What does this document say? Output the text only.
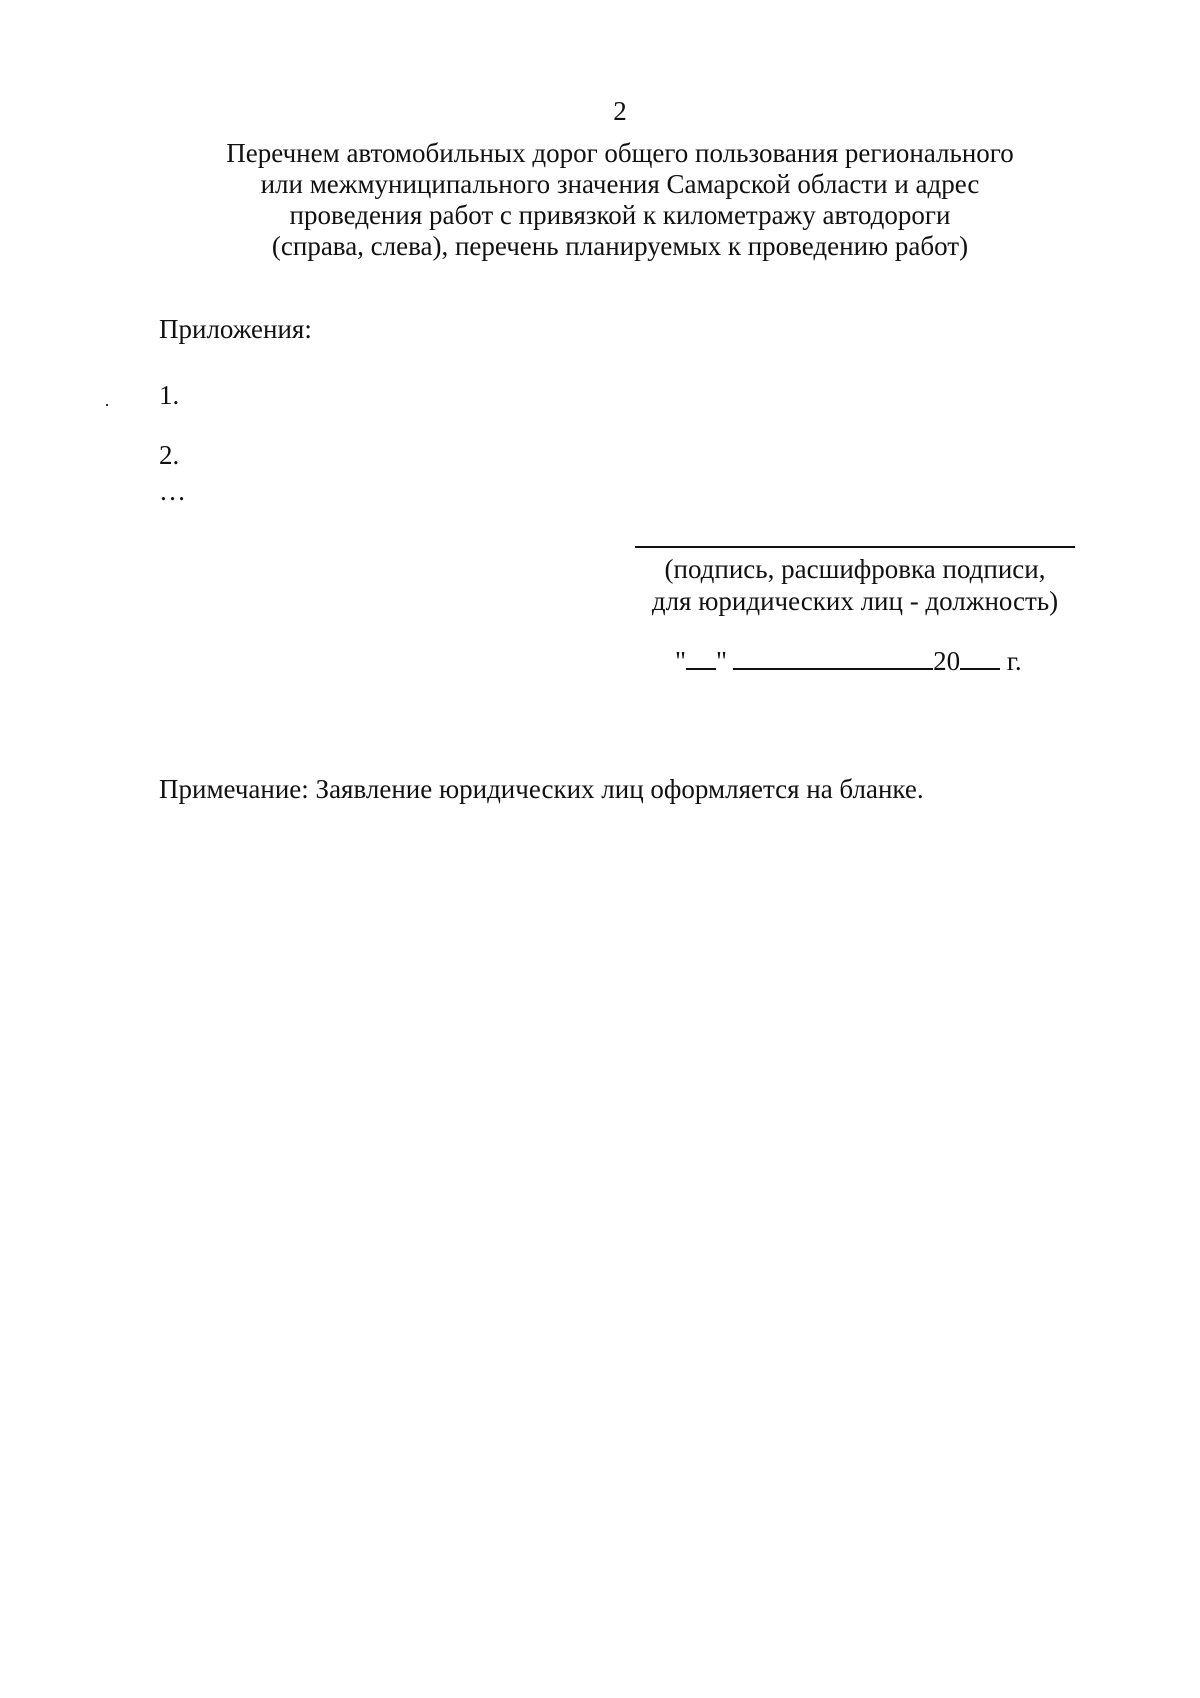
2
Перечнем автомобильных дорог общего пользования регионального
или межмуниципального значения Самарской области и адрес
проведения работ с привязкой к километражу автодороги
(справа, слева), перечень планируемых к проведению работ)
Приложения:
1.
2.
…
(подпись, расшифровка подписи,
для юридических лиц - должность)
" "	20 г.
Примечание: Заявление юридических лиц оформляется на бланке.
